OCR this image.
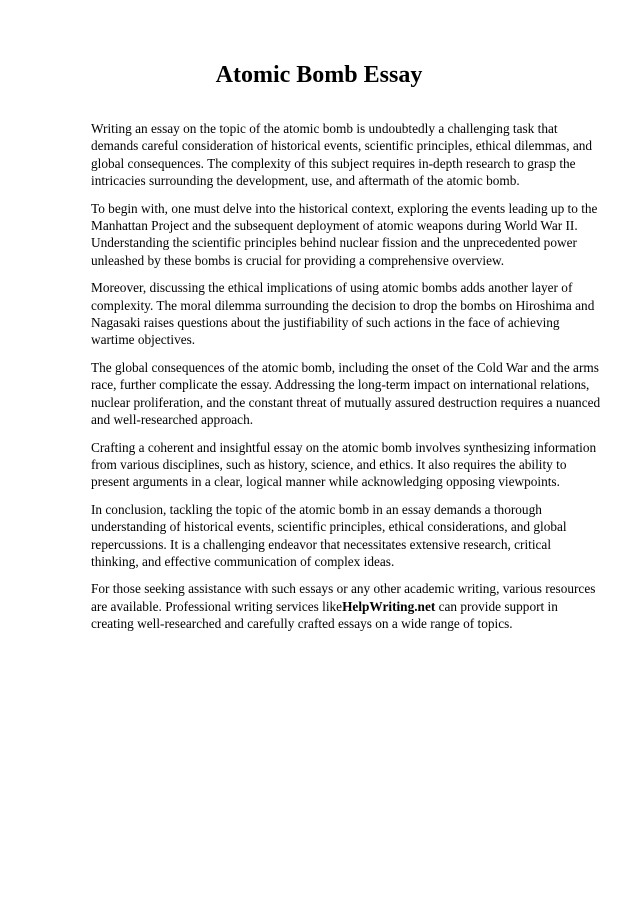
Atomic Bomb Essay

Writing an essay on the topic of the atomic bomb is undoubtedly a challenging task that demands careful consideration of historical events, scientific principles, ethical dilemmas, and global consequences. The complexity of this subject requires in-depth research to grasp the intricacies surrounding the development, use, and aftermath of the atomic bomb.

To begin with, one must delve into the historical context, exploring the events leading up to the Manhattan Project and the subsequent deployment of atomic weapons during World War II. Understanding the scientific principles behind nuclear fission and the unprecedented power unleashed by these bombs is crucial for providing a comprehensive overview.

Moreover, discussing the ethical implications of using atomic bombs adds another layer of complexity. The moral dilemma surrounding the decision to drop the bombs on Hiroshima and Nagasaki raises questions about the justifiability of such actions in the face of achieving wartime objectives.

The global consequences of the atomic bomb, including the onset of the Cold War and the arms race, further complicate the essay. Addressing the long-term impact on international relations, nuclear proliferation, and the constant threat of mutually assured destruction requires a nuanced and well-researched approach.

Crafting a coherent and insightful essay on the atomic bomb involves synthesizing information from various disciplines, such as history, science, and ethics. It also requires the ability to present arguments in a clear, logical manner while acknowledging opposing viewpoints.

In conclusion, tackling the topic of the atomic bomb in an essay demands a thorough understanding of historical events, scientific principles, ethical considerations, and global repercussions. It is a challenging endeavor that necessitates extensive research, critical thinking, and effective communication of complex ideas.

For those seeking assistance with such essays or any other academic writing, various resources are available. Professional writing services likeHelpWriting.net can provide support in creating well-researched and carefully crafted essays on a wide range of topics.
